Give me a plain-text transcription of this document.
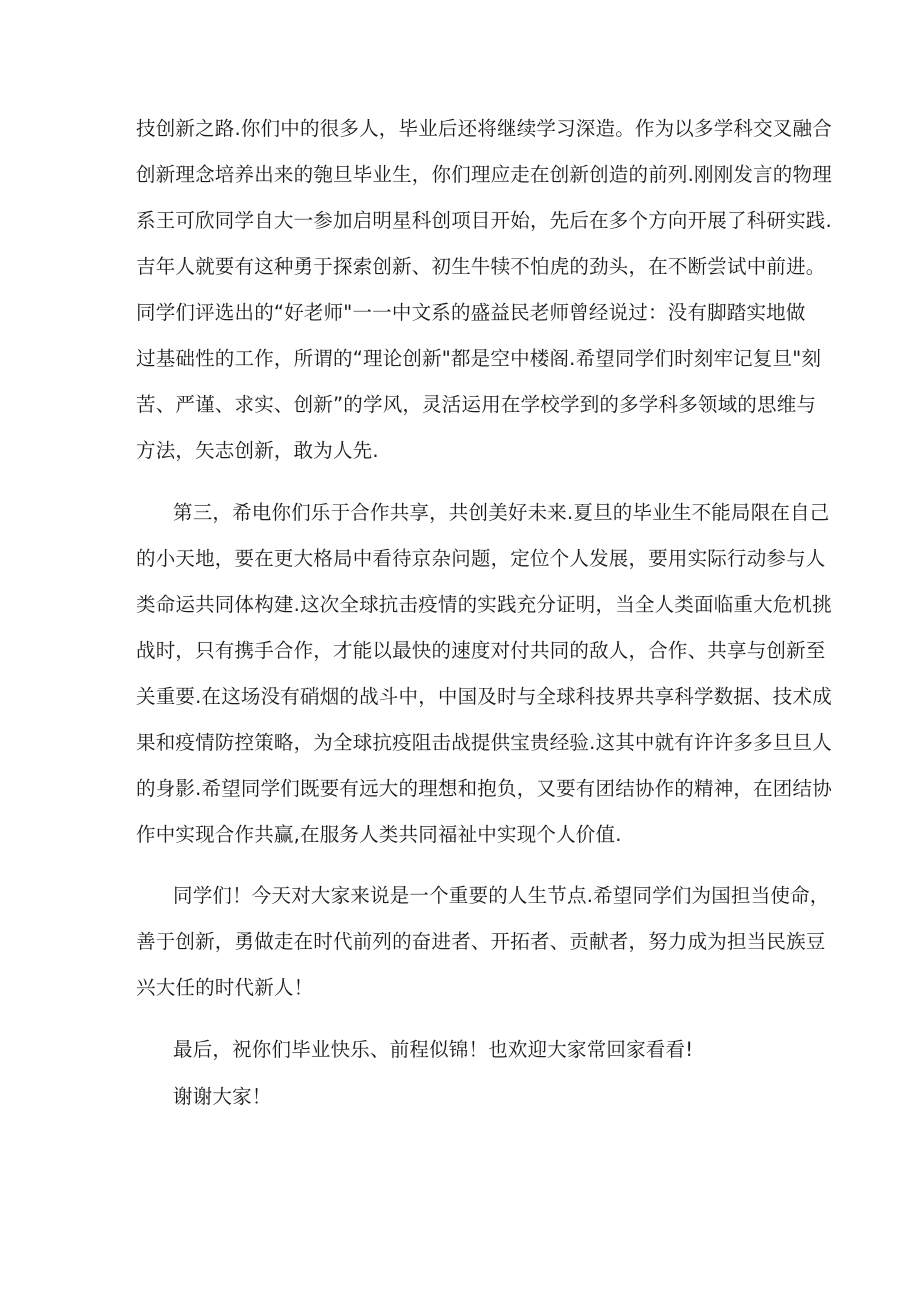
技创新之路.你们中的很多人，毕业后还将继续学习深造。作为以多学科交叉融合
创新理念培养出来的匏旦毕业生，你们理应走在创新创造的前列.刚刚发言的物理
系王可欣同学自大一参加启明星科创项目开始，先后在多个方向开展了科研实践.
吉年人就要有这种勇于探索创新、初生牛犊不怕虎的劲头，在不断尝试中前进。
同学们评选出的“好老师"一一中文系的盛益民老师曾经说过：没有脚踏实地做
过基础性的工作，所谓的“理论创新"都是空中楼阁.希望同学们时刻牢记复旦"刻
苦、严谨、求实、创新”的学风，灵活运用在学校学到的多学科多领域的思维与
方法，矢志创新，敢为人先.
第三，希电你们乐于合作共享，共创美好未来.夏旦的毕业生不能局限在自己
的小天地，要在更大格局中看待京杂问题，定位个人发展，要用实际行动参与人
类命运共同体构建.这次全球抗击疫情的实践充分证明，当全人类面临重大危机挑
战时，只有携手合作，才能以最快的速度对付共同的敌人，合作、共享与创新至
关重要.在这场没有硝烟的战斗中，中国及时与全球科技界共享科学数据、技术成
果和疫情防控策略，为全球抗疫阻击战提供宝贵经验.这其中就有许许多多旦旦人
的身影.希望同学们既要有远大的理想和抱负，又要有团结协作的精神，在团结协
作中实现合作共赢,在服务人类共同福祉中实现个人价值.
同学们！今天对大家来说是一个重要的人生节点.希望同学们为国担当使命，
善于创新，勇做走在时代前列的奋进者、开拓者、贡献者，努力成为担当民族豆
兴大任的时代新人！
最后，祝你们毕业快乐、前程似锦！也欢迎大家常回家看看!
谢谢大家！
